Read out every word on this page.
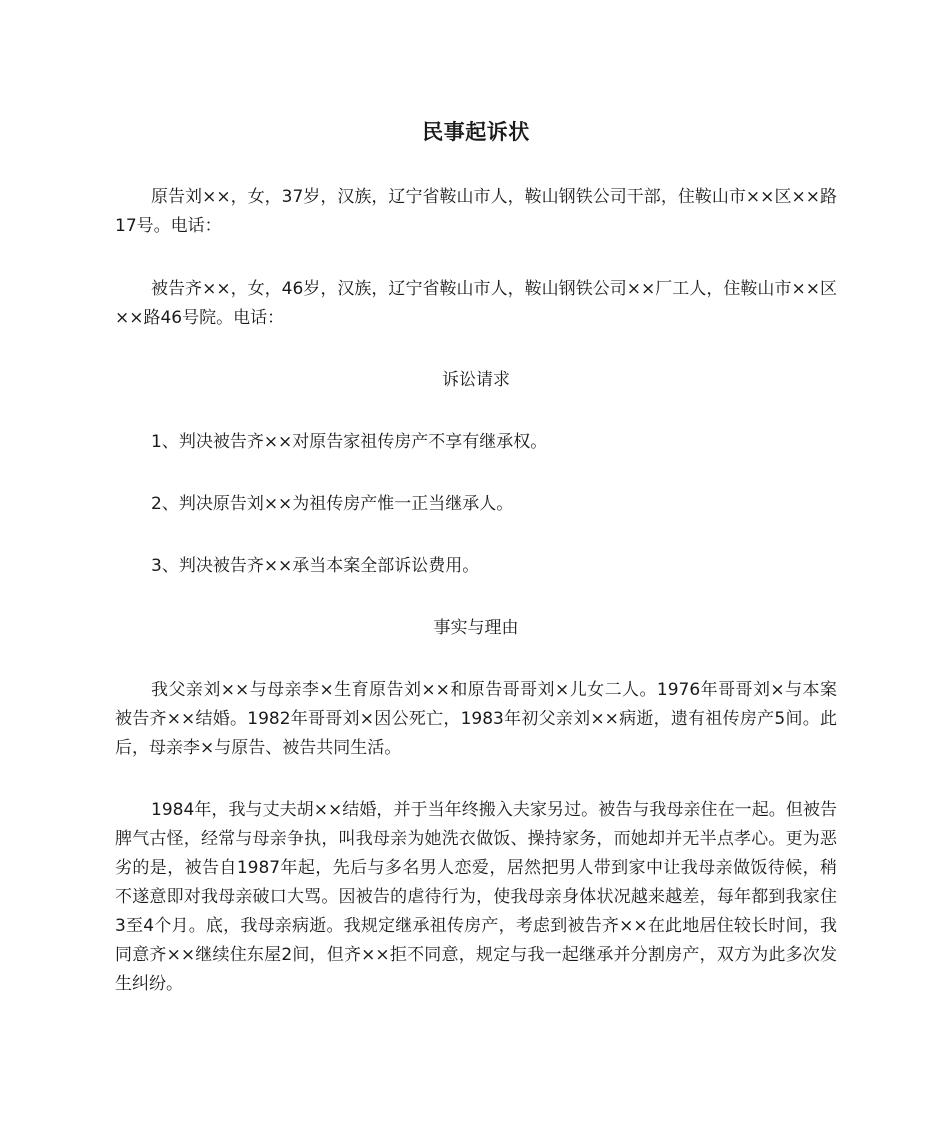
民事起诉状

原告刘××，女，37岁，汉族，辽宁省鞍山市人，鞍山钢铁公司干部，住鞍山市××区××路17号。电话：

被告齐××，女，46岁，汉族，辽宁省鞍山市人，鞍山钢铁公司××厂工人，住鞍山市××区××路46号院。电话：

诉讼请求
1、判决被告齐××对原告家祖传房产不享有继承权。
2、判决原告刘××为祖传房产惟一正当继承人。
3、判决被告齐××承当本案全部诉讼费用。
事实与理由

我父亲刘××与母亲李×生育原告刘××和原告哥哥刘×儿女二人。1976年哥哥刘×与本案被告齐××结婚。1982年哥哥刘×因公死亡，1983年初父亲刘××病逝，遗有祖传房产5间。此后，母亲李×与原告、被告共同生活。

1984年，我与丈夫胡××结婚，并于当年终搬入夫家另过。被告与我母亲住在一起。但被告脾气古怪，经常与母亲争执，叫我母亲为她洗衣做饭、操持家务，而她却并无半点孝心。更为恶劣的是，被告自1987年起，先后与多名男人恋爱，居然把男人带到家中让我母亲做饭待候，稍不遂意即对我母亲破口大骂。因被告的虐待行为，使我母亲身体状况越来越差，每年都到我家住3至4个月。底，我母亲病逝。我规定继承祖传房产，考虑到被告齐××在此地居住较长时间，我同意齐××继续住东屋2间，但齐××拒不同意，规定与我一起继承并分割房产，双方为此多次发生纠纷。
